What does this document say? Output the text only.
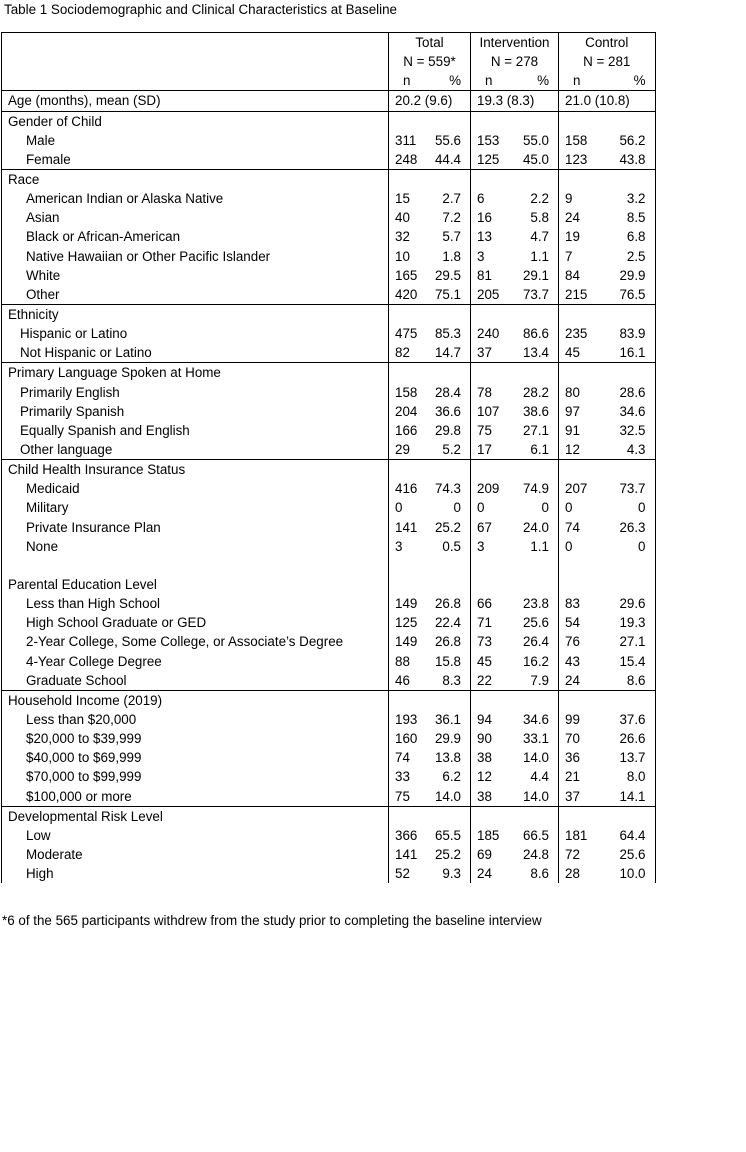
Table 1 Sociodemographic and Clinical Characteristics at Baseline
	Total		Intervention		Control	
	N = 559*		N = 278		N = 281	
	n	%	n	%	n	%
Age (months), mean (SD)	20.2 (9.6)		19.3 (8.3)		21.0 (10.8)	
Gender of Child						
Male	311	55.6	153	55.0	158	56.2
Female	248	44.4	125	45.0	123	43.8
Race						
American Indian or Alaska Native	15	2.7	6	2.2	9	3.2
Asian	40	7.2	16	5.8	24	8.5
Black or African-American	32	5.7	13	4.7	19	6.8
Native Hawaiian or Other Pacific Islander	10	1.8	3	1.1	7	2.5
White	165	29.5	81	29.1	84	29.9
Other	420	75.1	205	73.7	215	76.5
Ethnicity						
Hispanic or Latino	475	85.3	240	86.6	235	83.9
Not Hispanic or Latino	82	14.7	37	13.4	45	16.1
Primary Language Spoken at Home						
Primarily English	158	28.4	78	28.2	80	28.6
Primarily Spanish	204	36.6	107	38.6	97	34.6
Equally Spanish and English	166	29.8	75	27.1	91	32.5
Other language	29	5.2	17	6.1	12	4.3
Child Health Insurance Status						
Medicaid	416	74.3	209	74.9	207	73.7
Military	0	0	0	0	0	0
Private Insurance Plan	141	25.2	67	24.0	74	26.3
None	3	0.5	3	1.1	0	0

Parental Education Level						
Less than High School	149	26.8	66	23.8	83	29.6
High School Graduate or GED	125	22.4	71	25.6	54	19.3
2-Year College, Some College, or Associate’s Degree	149	26.8	73	26.4	76	27.1
4-Year College Degree	88	15.8	45	16.2	43	15.4
Graduate School	46	8.3	22	7.9	24	8.6
Household Income (2019)						
Less than $20,000	193	36.1	94	34.6	99	37.6
$20,000 to $39,999	160	29.9	90	33.1	70	26.6
$40,000 to $69,999	74	13.8	38	14.0	36	13.7
$70,000 to $99,999	33	6.2	12	4.4	21	8.0
$100,000 or more	75	14.0	38	14.0	37	14.1
Developmental Risk Level						
Low	366	65.5	185	66.5	181	64.4
Moderate	141	25.2	69	24.8	72	25.6
High	52	9.3	24	8.6	28	10.0
*6 of the 565 participants withdrew from the study prior to completing the baseline interview
